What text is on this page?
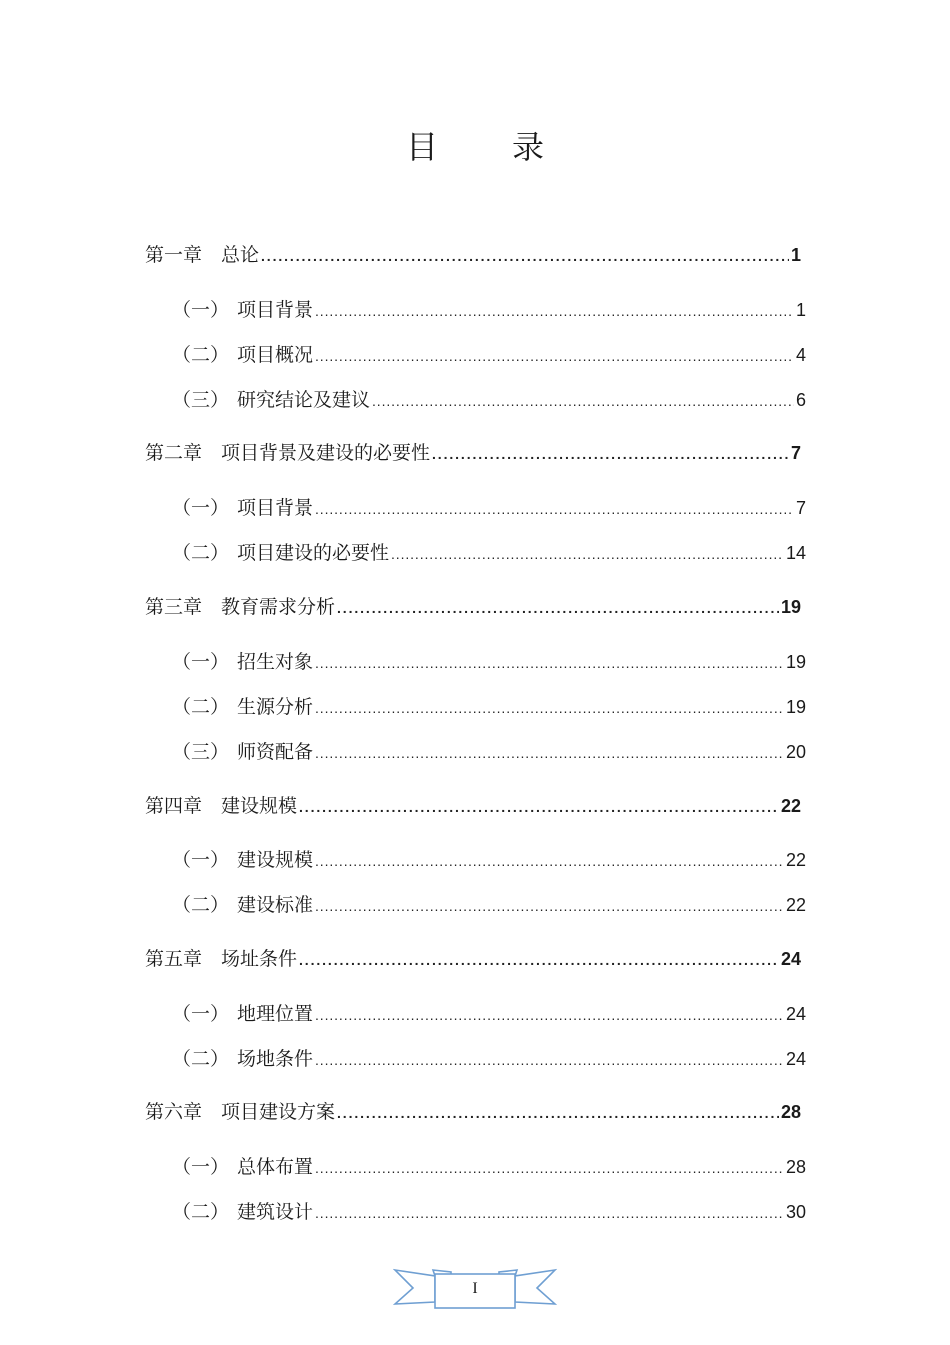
目 录
第一章　总论 . . .	1
（一） 项目背景 . . .	1
（二） 项目概况 . . .	4
（三） 研究结论及建议 . . .	6
第二章　项目背景及建设的必要性 . . .	7
（一） 项目背景 . . .	7
（二） 项目建设的必要性 . . .	14
第三章　教育需求分析 . . .	19
（一） 招生对象 . . .	19
（二） 生源分析 . . .	19
（三） 师资配备 . . .	20
第四章　建设规模 . . .	22
（一） 建设规模 . . .	22
（二） 建设标准 . . .	22
第五章　场址条件 . . .	24
（一） 地理位置 . . .	24
（二） 场地条件 . . .	24
第六章　项目建设方案 . . .	28
（一） 总体布置 . . .	28
（二） 建筑设计 . . .	30
I
